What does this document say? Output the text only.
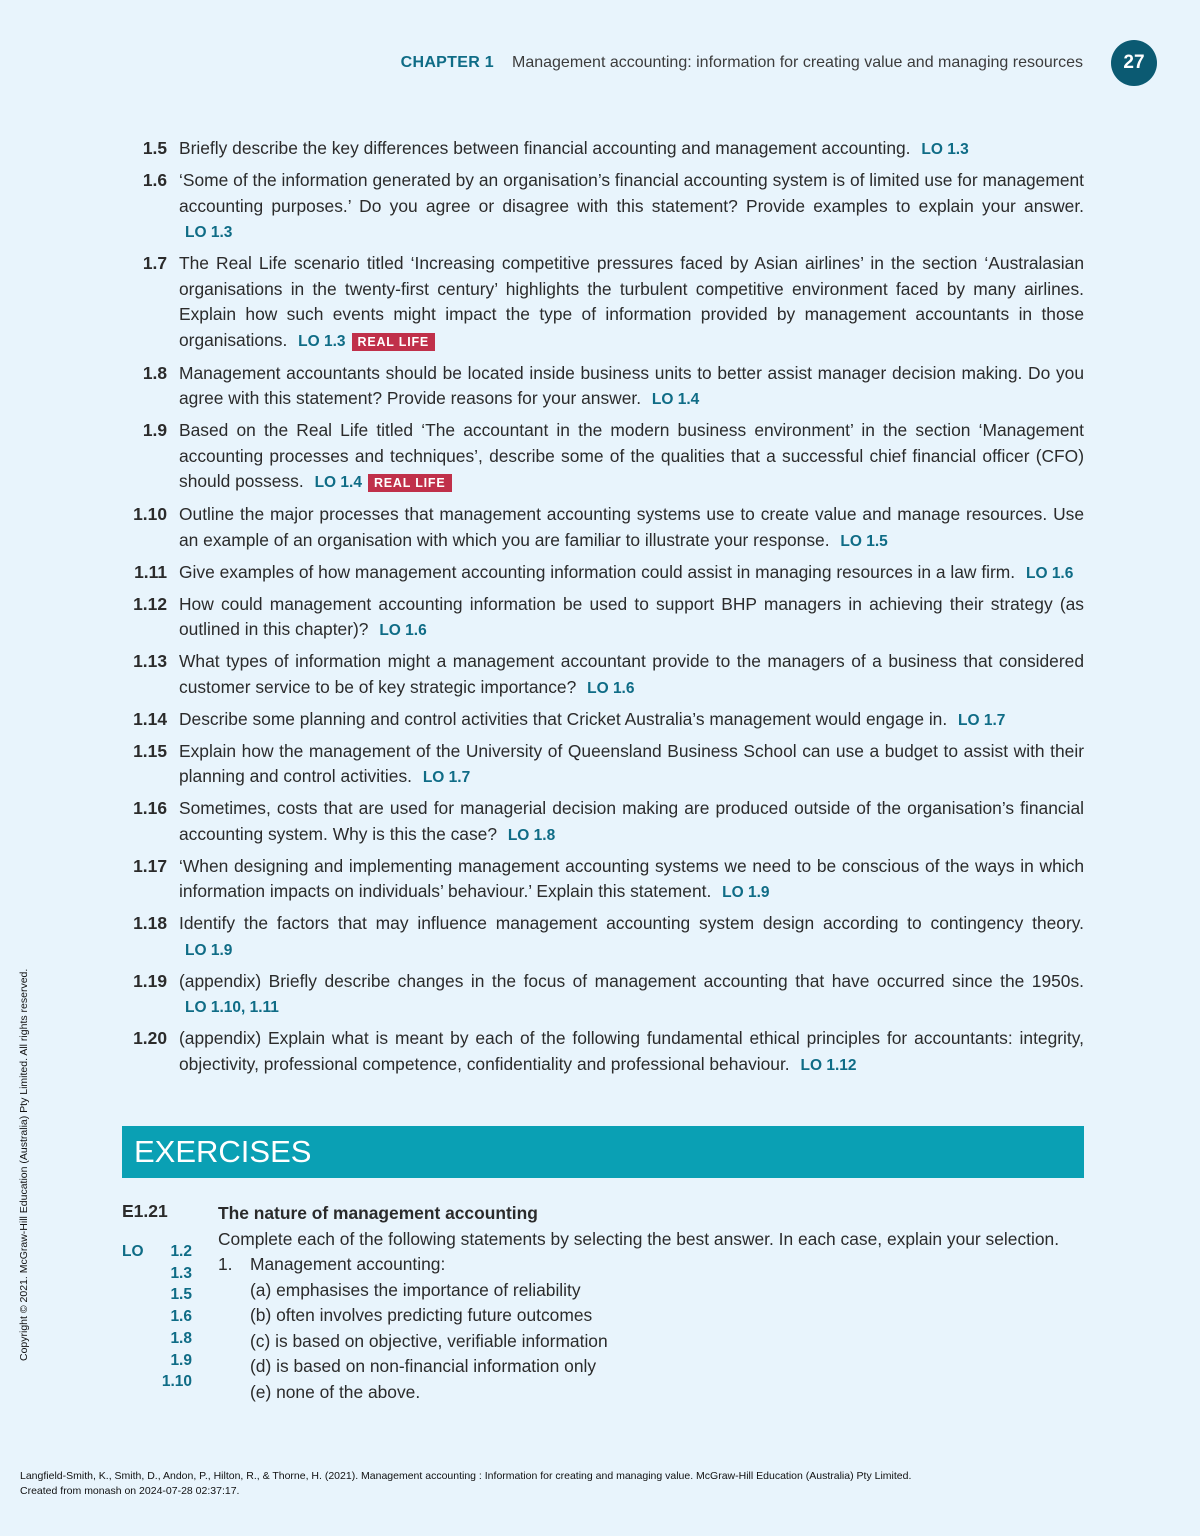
CHAPTER 1 Management accounting: information for creating value and managing resources	27
1.5 Briefly describe the key differences between financial accounting and management accounting. LO 1.3
1.6 ‘Some of the information generated by an organisation’s financial accounting system is of limited use for management accounting purposes.’ Do you agree or disagree with this statement? Provide examples to explain your answer. LO 1.3
1.7 The Real Life scenario titled ‘Increasing competitive pressures faced by Asian airlines’ in the section ‘Australasian organisations in the twenty-first century’ highlights the turbulent competitive environment faced by many airlines. Explain how such events might impact the type of information provided by management accountants in those organisations. LO 1.3 REAL LIFE
1.8 Management accountants should be located inside business units to better assist manager decision making. Do you agree with this statement? Provide reasons for your answer. LO 1.4
1.9 Based on the Real Life titled ‘The accountant in the modern business environment’ in the section ‘Management accounting processes and techniques’, describe some of the qualities that a successful chief financial officer (CFO) should possess. LO 1.4 REAL LIFE
1.10 Outline the major processes that management accounting systems use to create value and manage resources. Use an example of an organisation with which you are familiar to illustrate your response. LO 1.5
1.11 Give examples of how management accounting information could assist in managing resources in a law firm. LO 1.6
1.12 How could management accounting information be used to support BHP managers in achieving their strategy (as outlined in this chapter)? LO 1.6
1.13 What types of information might a management accountant provide to the managers of a business that considered customer service to be of key strategic importance? LO 1.6
1.14 Describe some planning and control activities that Cricket Australia’s management would engage in. LO 1.7
1.15 Explain how the management of the University of Queensland Business School can use a budget to assist with their planning and control activities. LO 1.7
1.16 Sometimes, costs that are used for managerial decision making are produced outside of the organisation’s financial accounting system. Why is this the case? LO 1.8
1.17 ‘When designing and implementing management accounting systems we need to be conscious of the ways in which information impacts on individuals’ behaviour.’ Explain this statement. LO 1.9
1.18 Identify the factors that may influence management accounting system design according to contingency theory. LO 1.9
1.19 (appendix) Briefly describe changes in the focus of management accounting that have occurred since the 1950s. LO 1.10, 1.11
1.20 (appendix) Explain what is meant by each of the following fundamental ethical principles for accountants: integrity, objectivity, professional competence, confidentiality and professional behaviour. LO 1.12
EXERCISES
E1.21
LO	1.2
1.3
1.5
1.6
1.8
1.9
1.10
The nature of management accounting
Complete each of the following statements by selecting the best answer. In each case, explain your selection.
1.	Management accounting:
(a) emphasises the importance of reliability
(b) often involves predicting future outcomes
(c) is based on objective, verifiable information
(d) is based on non-financial information only
(e) none of the above.
Copyright © 2021. McGraw-Hill Education (Australia) Pty Limited. All rights reserved.
Langfield-Smith, K., Smith, D., Andon, P., Hilton, R., & Thorne, H. (2021). Management accounting : Information for creating and managing value. McGraw-Hill Education (Australia) Pty Limited.
Created from monash on 2024-07-28 02:37:17.
